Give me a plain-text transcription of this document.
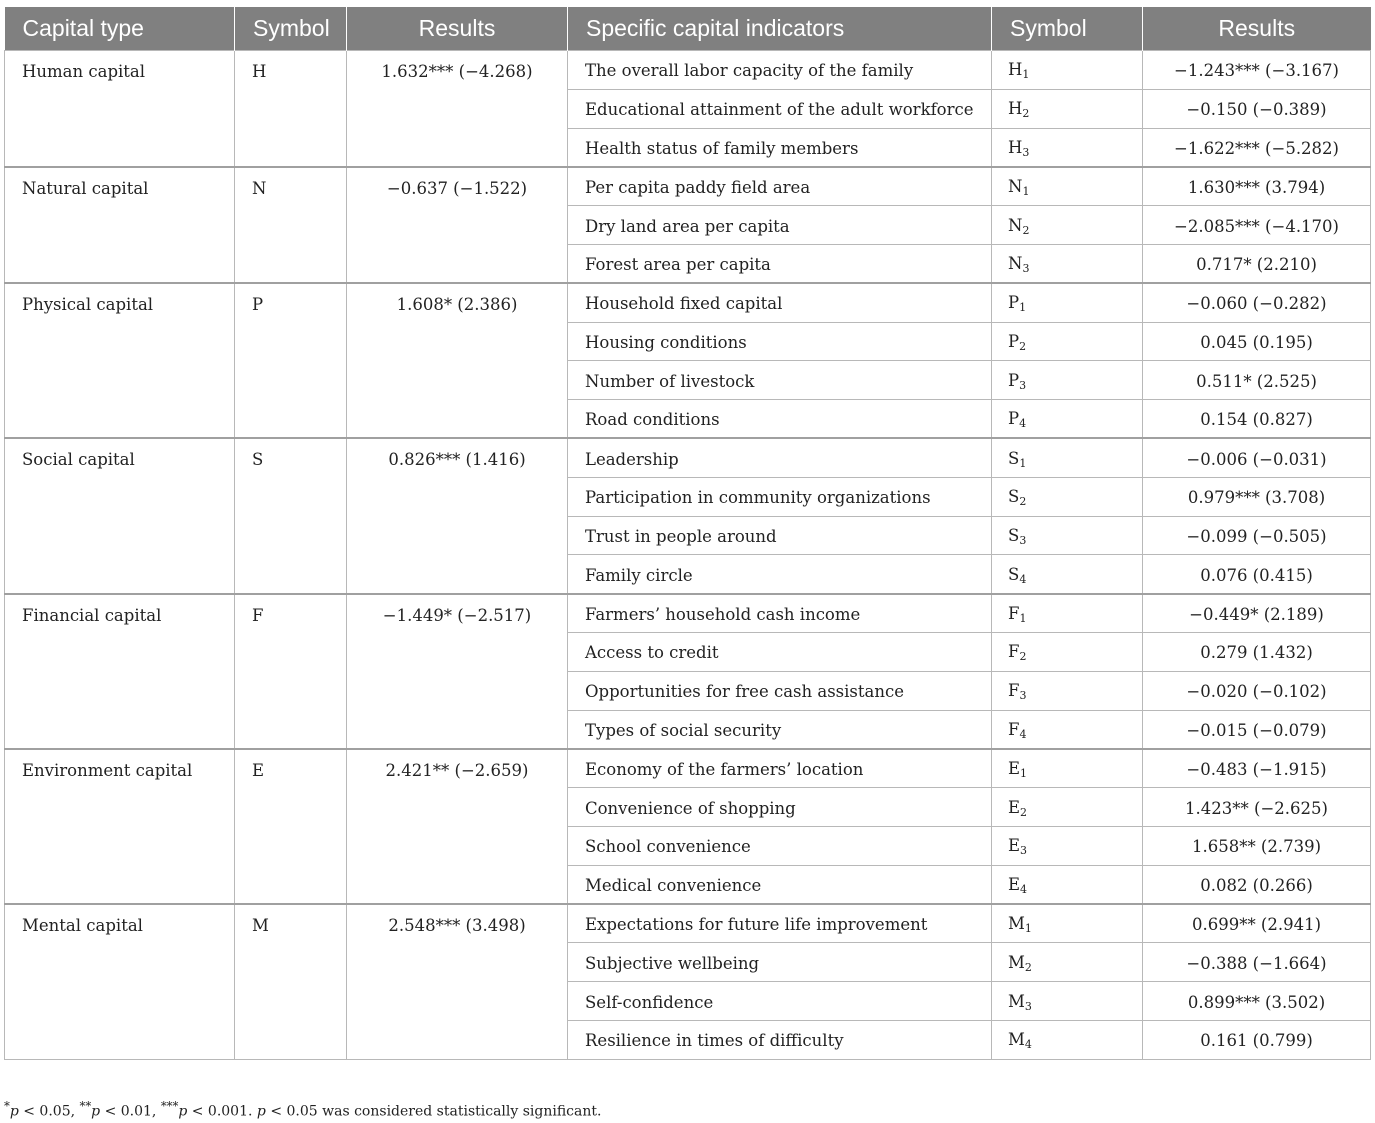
Capital type	Symbol	Results	Specific capital indicators	Symbol	Results
Human capital	H	1.632*** (−4.268)	The overall labor capacity of the family	$H_1$	−1.243*** (−3.167)
			Educational attainment of the adult workforce	$H_2$	−0.150 (−0.389)
			Health status of family members	$H_3$	−1.622*** (−5.282)
Natural capital	N	−0.637 (−1.522)	Per capita paddy field area	$N_1$	1.630*** (3.794)
			Dry land area per capita	$N_2$	−2.085*** (−4.170)
			Forest area per capita	$N_3$	0.717* (2.210)
Physical capital	P	1.608* (2.386)	Household fixed capital	$P_1$	−0.060 (−0.282)
			Housing conditions	$P_2$	0.045 (0.195)
			Number of livestock	$P_3$	0.511* (2.525)
			Road conditions	$P_4$	0.154 (0.827)
Social capital	S	0.826*** (1.416)	Leadership	$S_1$	−0.006 (−0.031)
			Participation in community organizations	$S_2$	0.979*** (3.708)
			Trust in people around	$S_3$	−0.099 (−0.505)
			Family circle	$S_4$	0.076 (0.415)
Financial capital	F	−1.449* (−2.517)	Farmers’ household cash income	$F_1$	−0.449* (2.189)
			Access to credit	$F_2$	0.279 (1.432)
			Opportunities for free cash assistance	$F_3$	−0.020 (−0.102)
			Types of social security	$F_4$	−0.015 (−0.079)
Environment capital	E	2.421** (−2.659)	Economy of the farmers’ location	$E_1$	−0.483 (−1.915)
			Convenience of shopping	$E_2$	1.423** (−2.625)
			School convenience	$E_3$	1.658** (2.739)
			Medical convenience	$E_4$	0.082 (0.266)
Mental capital	M	2.548*** (3.498)	Expectations for future life improvement	$M_1$	0.699** (2.941)
			Subjective wellbeing	$M_2$	−0.388 (−1.664)
			Self-confidence	$M_3$	0.899*** (3.502)
			Resilience in times of difficulty	$M_4$	0.161 (0.799)
*p < 0.05, **p < 0.01, ***p < 0.001. p < 0.05 was considered statistically significant.
